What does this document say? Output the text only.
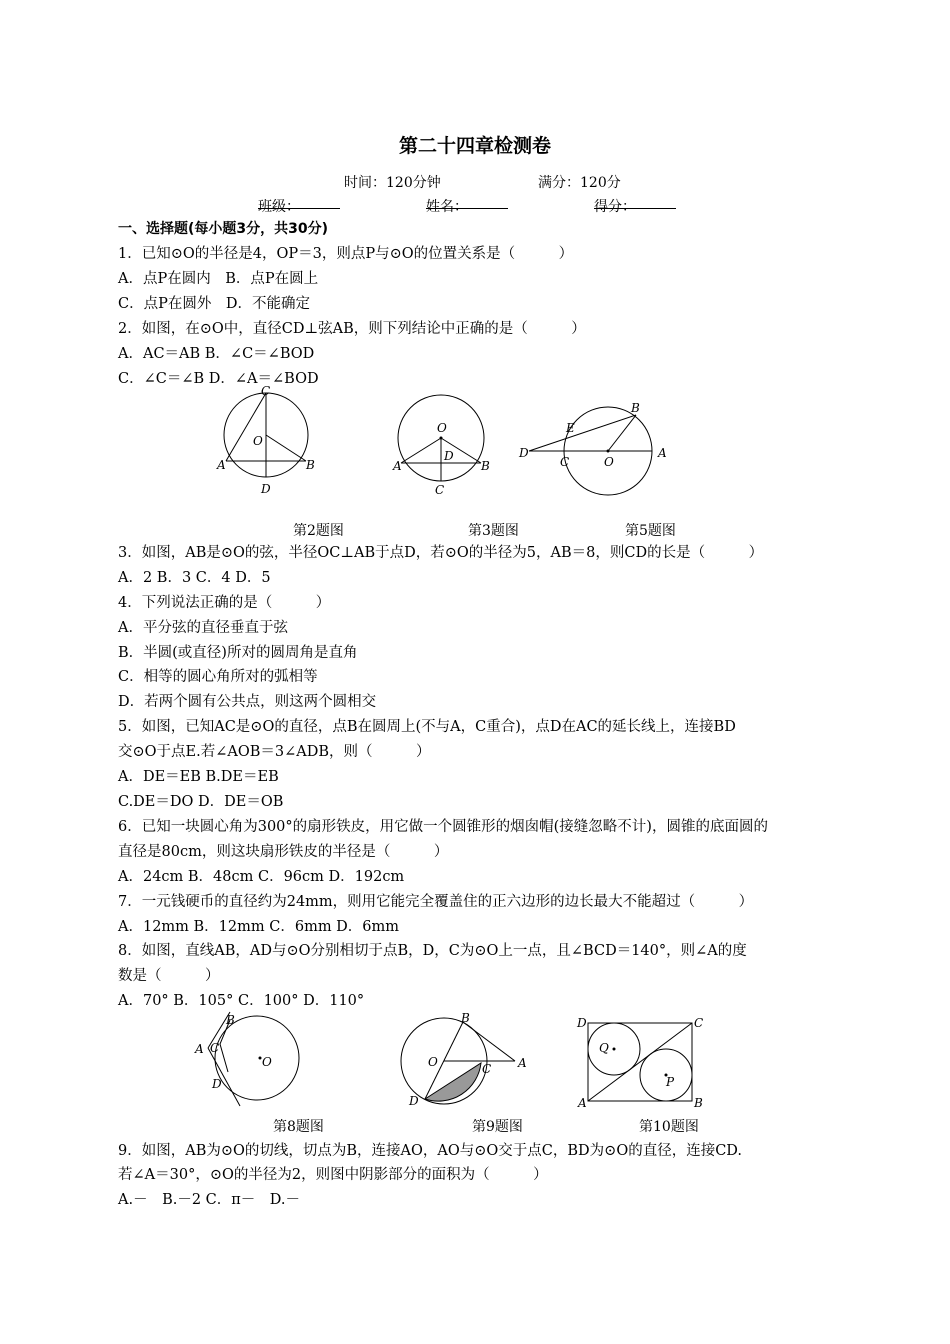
第二十四章检测卷
时间：120分钟	满分：120分
班级：	姓名：	得分：
一、选择题(每小题3分，共30分)
1．已知⊙O的半径是4，OP＝3，则点P与⊙O的位置关系是（　　　）
A．点P在圆内　B．点P在圆上
C．点P在圆外　D．不能确定
2．如图，在⊙O中，直径CD⊥弦AB，则下列结论中正确的是（　　　）
A．AC＝AB B．∠C＝∠BOD
C．∠C＝∠B D．∠A＝∠BOD
C
O
A	B
D
O
D
A	B
C
B
E
D
C	O
A
第2题图	第3题图	第5题图
3．如图，AB是⊙O的弦，半径OC⊥AB于点D，若⊙O的半径为5，AB＝8，则CD的长是（　　　）
A．2 B．3 C．4 D．5
4．下列说法正确的是（　　　）
A．平分弦的直径垂直于弦
B．半圆(或直径)所对的圆周角是直角
C．相等的圆心角所对的弧相等
D．若两个圆有公共点，则这两个圆相交
5．如图，已知AC是⊙O的直径，点B在圆周上(不与A，C重合)，点D在AC的延长线上，连接BD
交⊙O于点E.若∠AOB＝3∠ADB，则（　　　）
A．DE＝EB B.DE＝EB
C.DE＝DO D．DE＝OB
6．已知一块圆心角为300°的扇形铁皮，用它做一个圆锥形的烟囱帽(接缝忽略不计)，圆锥的底面圆的
直径是80cm，则这块扇形铁皮的半径是（　　　）
A．24cm B．48cm C．96cm D．192cm
7．一元钱硬币的直径约为24mm，则用它能完全覆盖住的正六边形的边长最大不能超过（　　　）
A．12mm B．12mm C．6mm D．6mm
8．如图，直线AB，AD与⊙O分别相切于点B，D，C为⊙O上一点，且∠BCD＝140°，则∠A的度
数是（　　　）
A．70° B．105° C．100° D．110°
B
A C
O
D
B
O	C A
D
D	C
Q
P
A	B
第8题图	第9题图	第10题图
9．如图，AB为⊙O的切线，切点为B，连接AO，AO与⊙O交于点C，BD为⊙O的直径，连接CD.
若∠A＝30°，⊙O的半径为2，则图中阴影部分的面积为（　　　）
A.－　B.－2 C．π－　D.－
